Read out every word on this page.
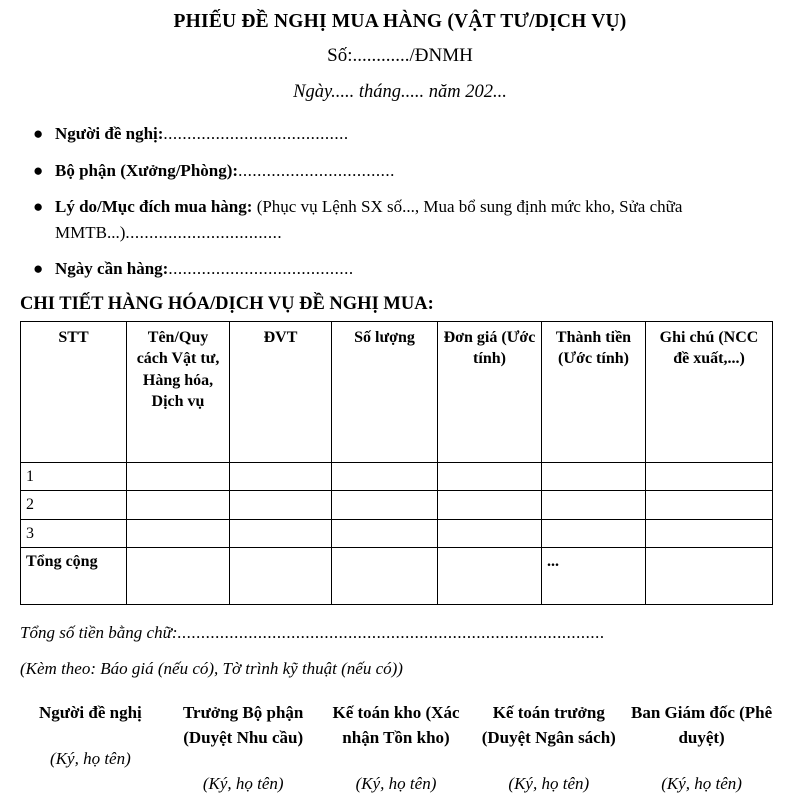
PHIẾU ĐỀ NGHỊ MUA HÀNG (VẬT TƯ/DỊCH VỤ)
Số:............/ĐNMH
Ngày..... tháng..... năm 202...
● Người đề nghị:.......................................
● Bộ phận (Xưởng/Phòng):.................................
● Lý do/Mục đích mua hàng: (Phục vụ Lệnh SX số..., Mua bổ sung định mức kho, Sửa chữa MMTB...).................................
● Ngày cần hàng:.......................................
CHI TIẾT HÀNG HÓA/DỊCH VỤ ĐỀ NGHỊ MUA:
STT	Tên/Quy cách Vật tư, Hàng hóa, Dịch vụ	ĐVT	Số lượng	Đơn giá (Ước tính)	Thành tiền (Ước tính)	Ghi chú (NCC đề xuất,...)
1						
2						
3						
Tổng cộng					...	
Tổng số tiền bằng chữ:..........................................................................................
(Kèm theo: Báo giá (nếu có), Tờ trình kỹ thuật (nếu có))
Người đề nghị
(Ký, họ tên)
Trưởng Bộ phận (Duyệt Nhu cầu)
(Ký, họ tên)
Kế toán kho (Xác nhận Tồn kho)
(Ký, họ tên)
Kế toán trưởng (Duyệt Ngân sách)
(Ký, họ tên)
Ban Giám đốc (Phê duyệt)
(Ký, họ tên)
